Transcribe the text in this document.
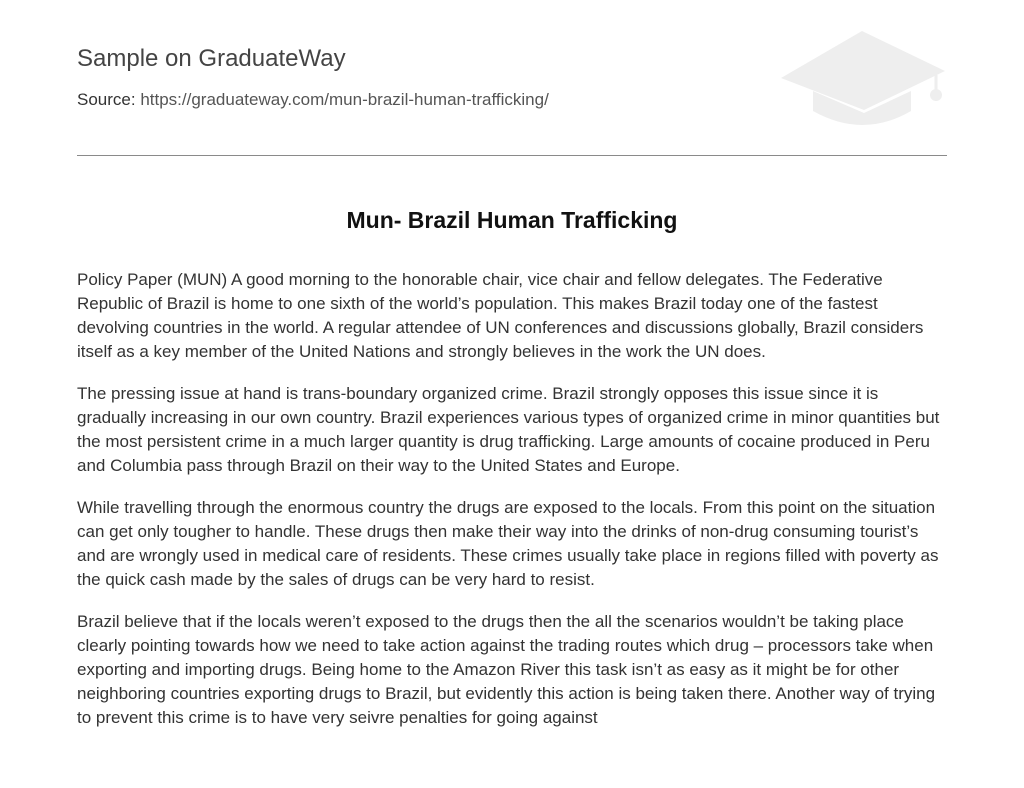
Sample on GraduateWay
Source: https://graduateway.com/mun-brazil-human-trafficking/
Mun- Brazil Human Trafficking

Policy Paper (MUN) A good morning to the honorable chair, vice chair and fellow delegates. The Federative Republic of Brazil is home to one sixth of the world’s population. This makes Brazil today one of the fastest devolving countries in the world. A regular attendee of UN conferences and discussions globally, Brazil considers itself as a key member of the United Nations and strongly believes in the work the UN does.

The pressing issue at hand is trans-boundary organized crime. Brazil strongly opposes this issue since it is gradually increasing in our own country. Brazil experiences various types of organized crime in minor quantities but the most persistent crime in a much larger quantity is drug trafficking. Large amounts of cocaine produced in Peru and Columbia pass through Brazil on their way to the United States and Europe.

While travelling through the enormous country the drugs are exposed to the locals. From this point on the situation can get only tougher to handle. These drugs then make their way into the drinks of non-drug consuming tourist’s and are wrongly used in medical care of residents. These crimes usually take place in regions filled with poverty as the quick cash made by the sales of drugs can be very hard to resist.

Brazil believe that if the locals weren’t exposed to the drugs then the all the scenarios wouldn’t be taking place clearly pointing towards how we need to take action against the trading routes which drug – processors take when exporting and importing drugs. Being home to the Amazon River this task isn’t as easy as it might be for other neighboring countries exporting drugs to Brazil, but evidently this action is being taken there. Another way of trying to prevent this crime is to have very seivre penalties for going against
